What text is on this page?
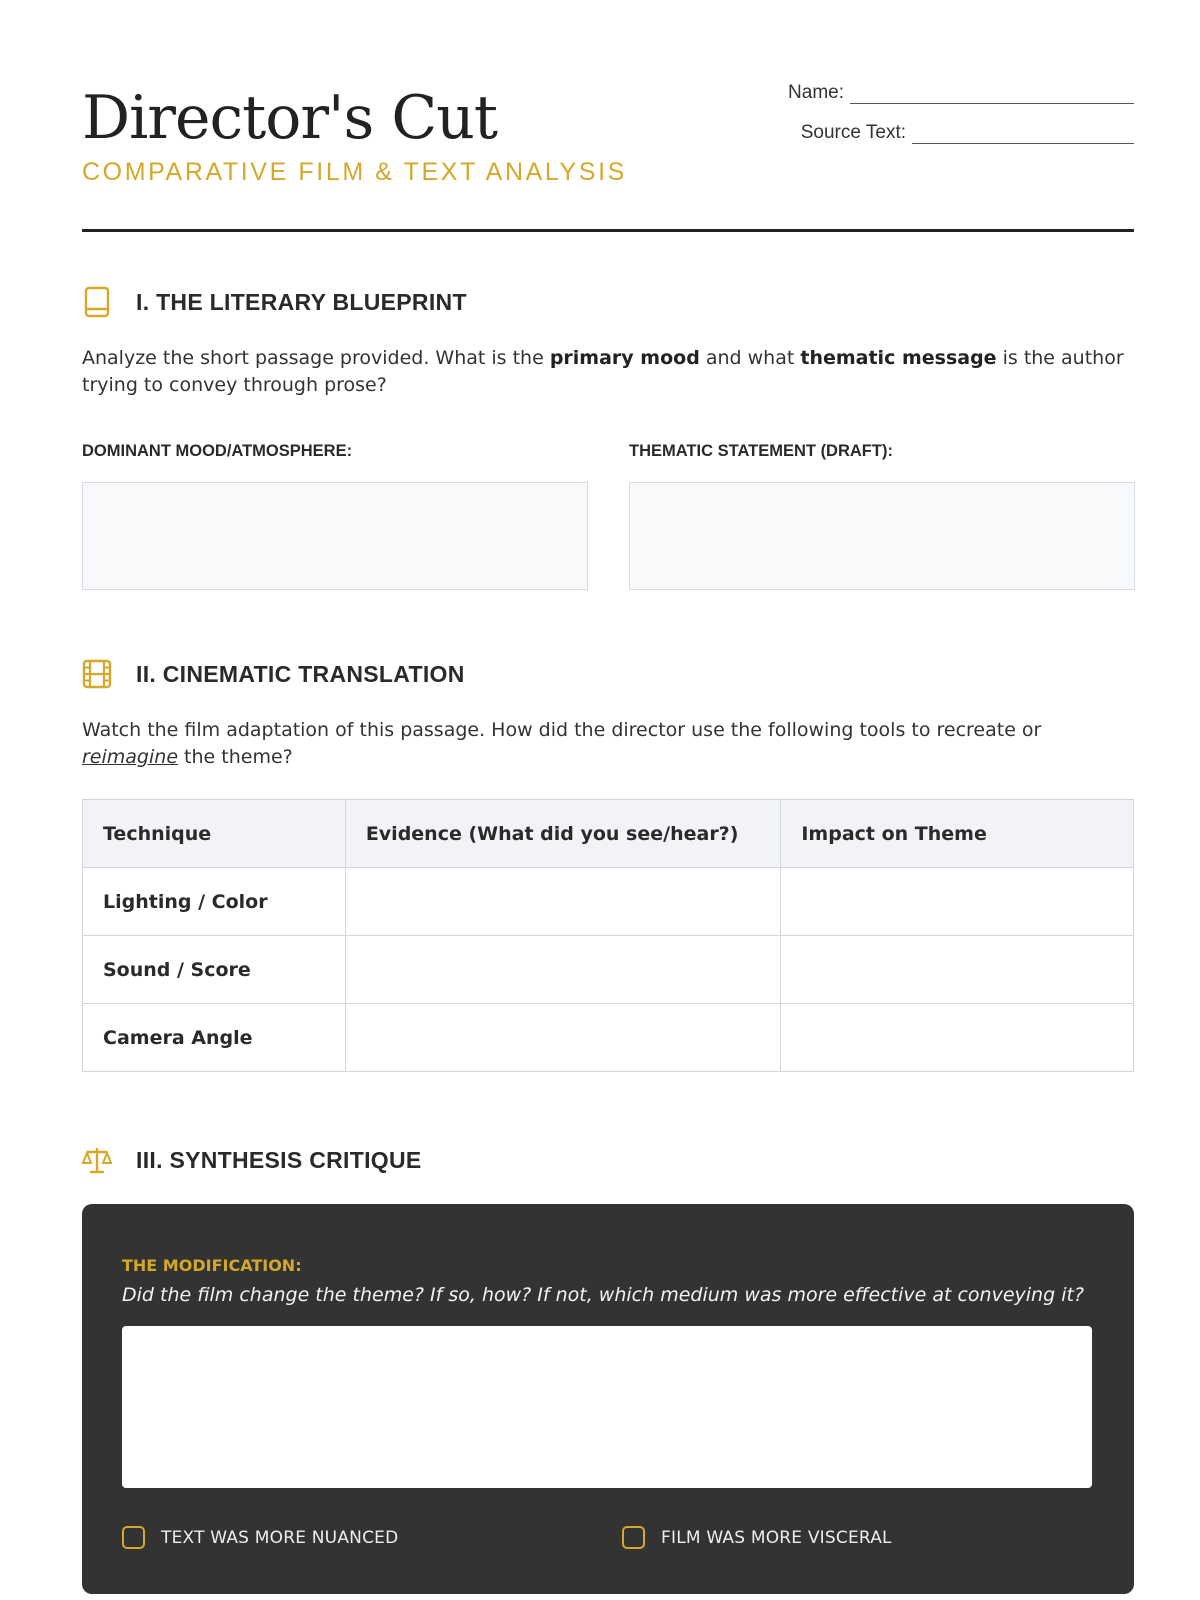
Director's Cut
COMPARATIVE FILM & TEXT ANALYSIS
Name:
Source Text:
I. THE LITERARY BLUEPRINT
Analyze the short passage provided. What is the primary mood and what thematic message is the author trying to convey through prose?
DOMINANT MOOD/ATMOSPHERE:	THEMATIC STATEMENT (DRAFT):
II. CINEMATIC TRANSLATION
Watch the film adaptation of this passage. How did the director use the following tools to recreate or reimagine the theme?
Technique	Evidence (What did you see/hear?)	Impact on Theme
Lighting / Color		
Sound / Score		
Camera Angle		
III. SYNTHESIS CRITIQUE
THE MODIFICATION:
Did the film change the theme? If so, how? If not, which medium was more effective at conveying it?
TEXT WAS MORE NUANCED	FILM WAS MORE VISCERAL
